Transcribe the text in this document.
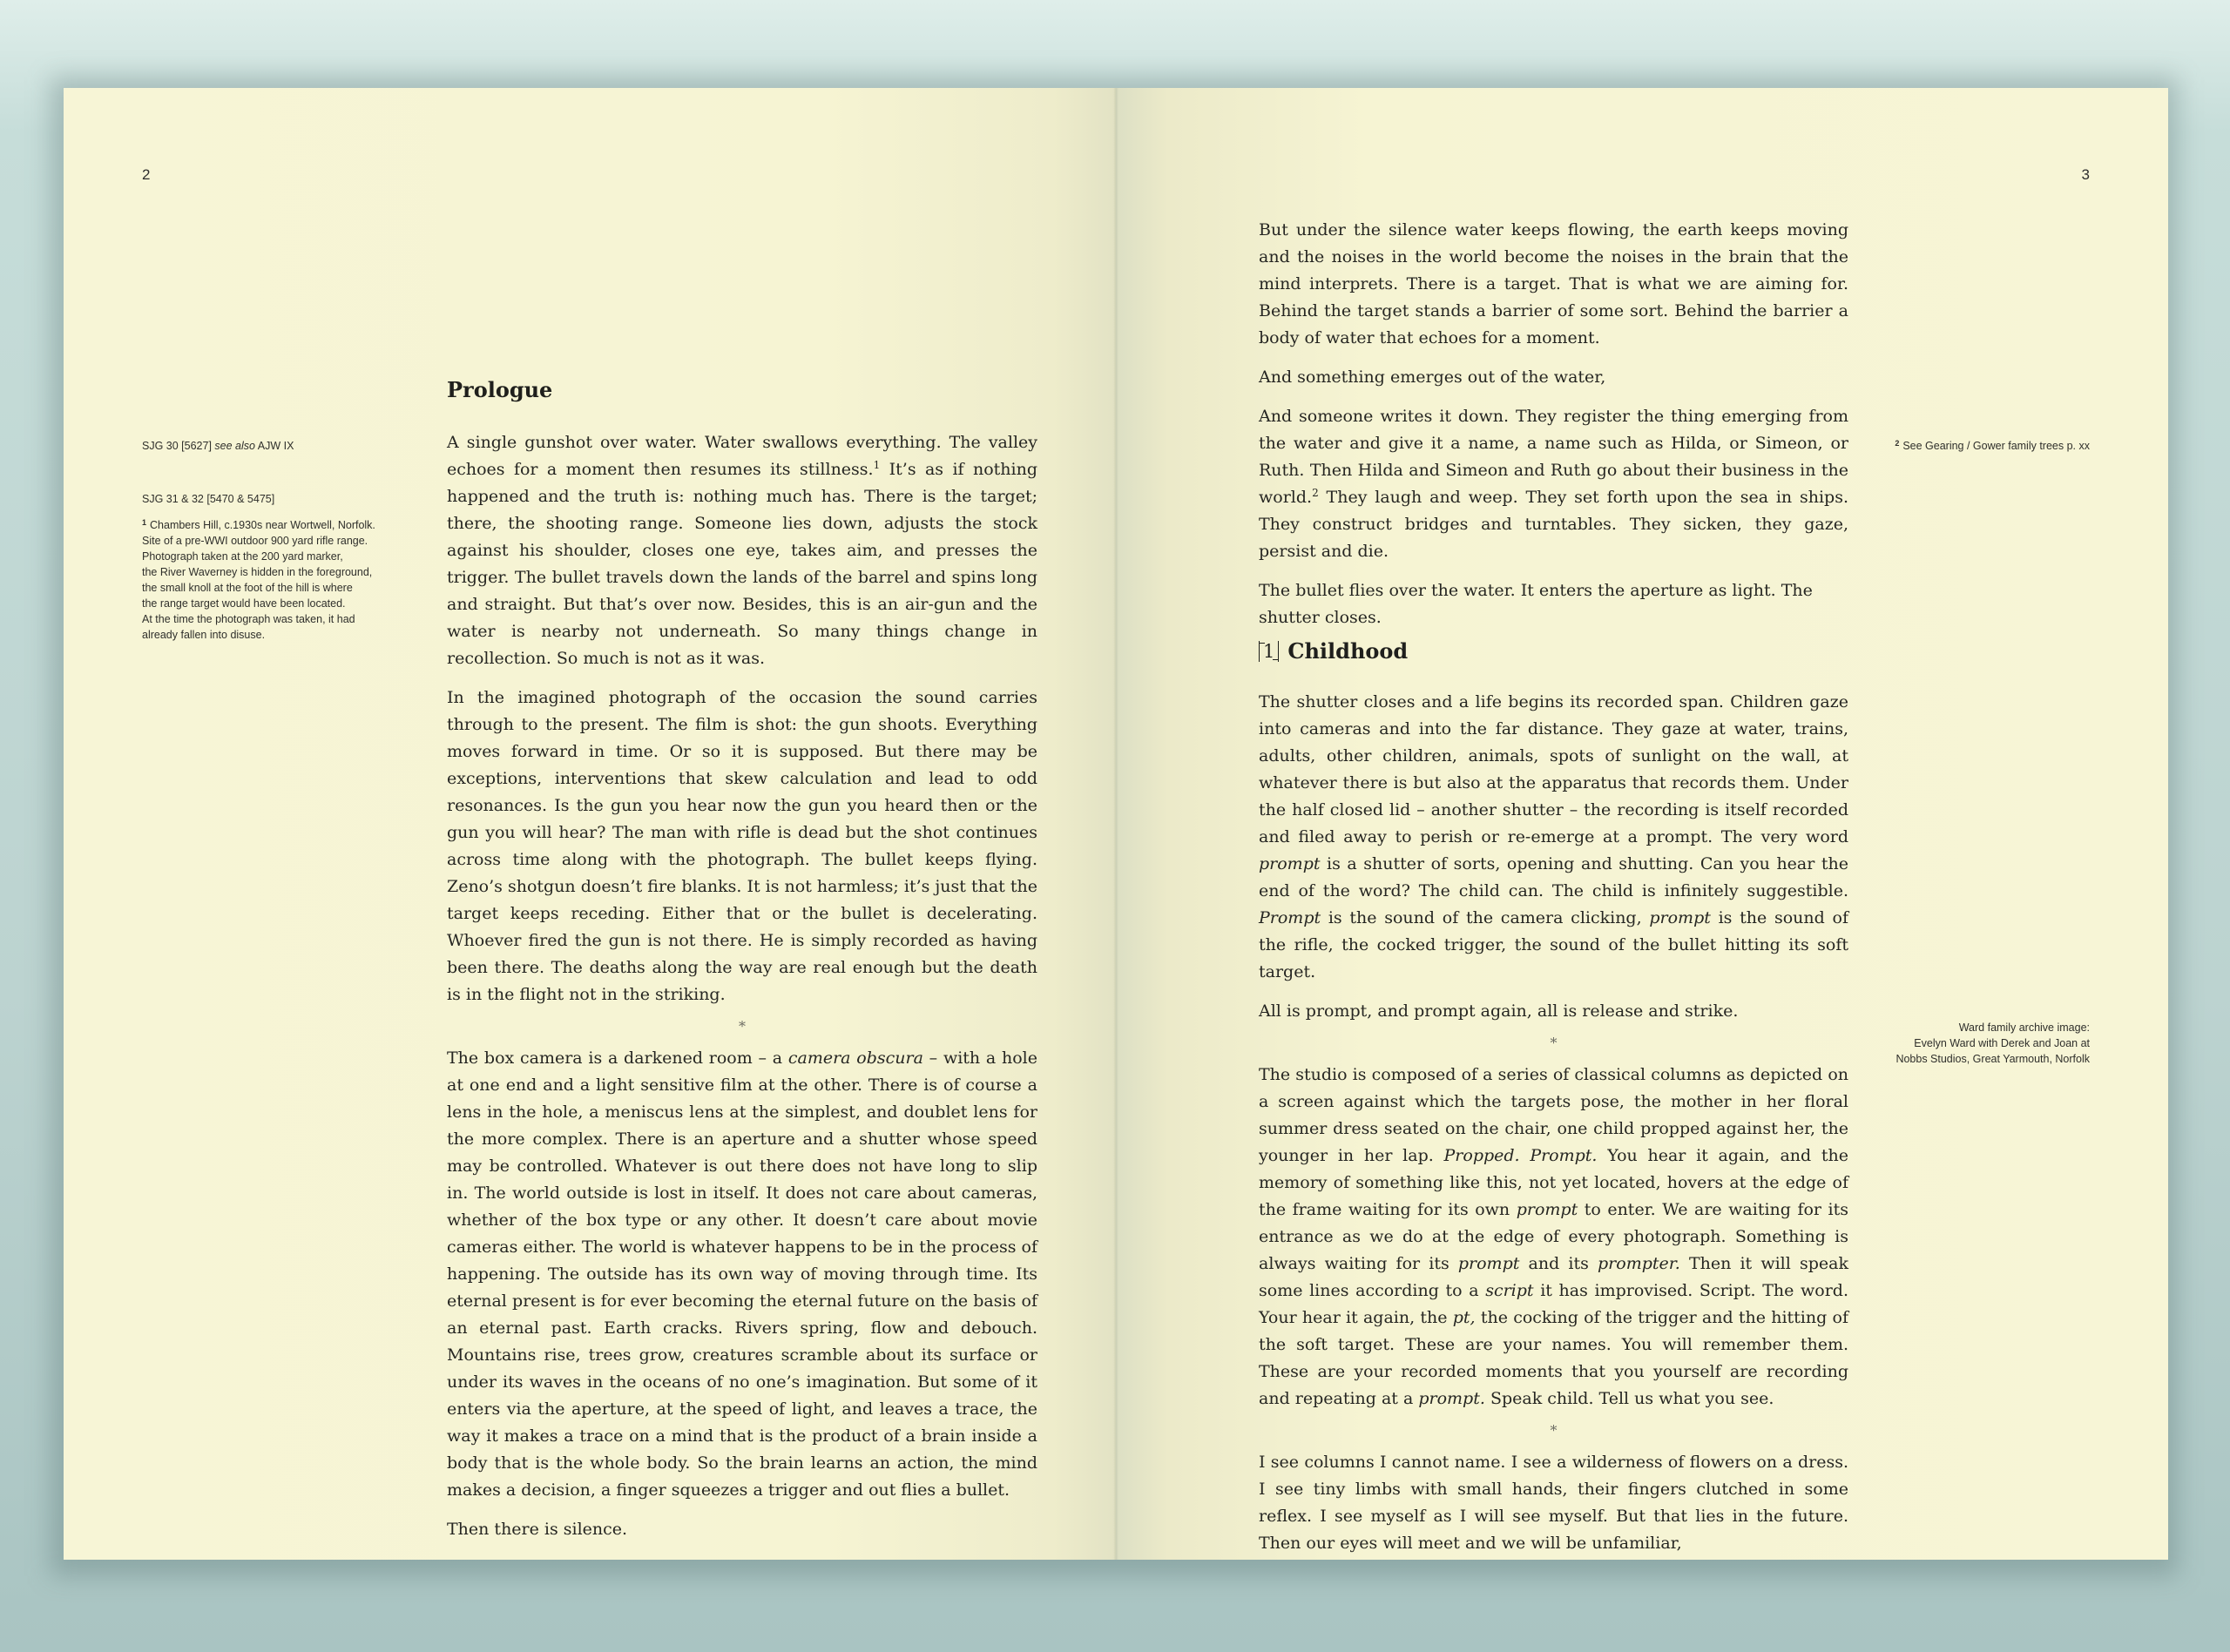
2
SJG 30 [5627] see also AJW IX
SJG 31 & 32 [5470 & 5475]
$^1$ Chambers Hill, c.1930s near Wortwell, Norfolk.
Site of a pre-WWI outdoor 900 yard rifle range.
Photograph taken at the 200 yard marker,
the River Waverney is hidden in the foreground,
the small knoll at the foot of the hill is where
the range target would have been located.
At the time the photograph was taken, it had
already fallen into disuse.
Prologue

A single gunshot over water. Water swallows everything. The valley echoes for a moment then resumes its stillness.$^1$ It’s as if nothing happened and the truth is: nothing much has. There is the target; there, the shooting range. Someone lies down, adjusts the stock against his shoulder, closes one eye, takes aim, and presses the trigger. The bullet travels down the lands of the barrel and spins long and straight. But that’s over now. Besides, this is an air-gun and the water is nearby not underneath. So many things change in recollection. So much is not as it was.

In the imagined photograph of the occasion the sound carries through to the present. The film is shot: the gun shoots. Everything moves forward in time. Or so it is supposed. But there may be exceptions, interventions that skew calculation and lead to odd resonances. Is the gun you hear now the gun you heard then or the gun you will hear? The man with rifle is dead but the shot continues across time along with the photograph. The bullet keeps flying. Zeno’s shotgun doesn’t fire blanks. It is not harmless; it’s just that the target keeps receding. Either that or the bullet is decelerating. Whoever fired the gun is not there. He is simply recorded as having been there. The deaths along the way are real enough but the death is in the flight not in the striking.

*

The box camera is a darkened room – a camera obscura – with a hole at one end and a light sensitive film at the other. There is of course a lens in the hole, a meniscus lens at the simplest, and doublet lens for the more complex. There is an aperture and a shutter whose speed may be controlled. Whatever is out there does not have long to slip in. The world outside is lost in itself. It does not care about cameras, whether of the box type or any other. It doesn’t care about movie cameras either. The world is whatever happens to be in the process of happening. The outside has its own way of moving through time. Its eternal present is for ever becoming the eternal future on the basis of an eternal past. Earth cracks. Rivers spring, flow and debouch. Mountains rise, trees grow, creatures scramble about its surface or under its waves in the oceans of no one’s imagination. But some of it enters via the aperture, at the speed of light, and leaves a trace, the way it makes a trace on a mind that is the product of a brain inside a body that is the whole body. So the brain learns an action, the mind makes a decision, a finger squeezes a trigger and out flies a bullet.

Then there is silence.

3
$^2$ See Gearing / Gower family trees p. xx
Ward family archive image:
Evelyn Ward with Derek and Joan at
Nobbs Studios, Great Yarmouth, Norfolk

But under the silence water keeps flowing, the earth keeps moving and the noises in the world become the noises in the brain that the mind interprets. There is a target. That is what we are aiming for. Behind the target stands a barrier of some sort. Behind the barrier a body of water that echoes for a moment.

And something emerges out of the water,

And someone writes it down. They register the thing emerging from the water and give it a name, a name such as Hilda, or Simeon, or Ruth. Then Hilda and Simeon and Ruth go about their business in the world.$^2$ They laugh and weep. They set forth upon the sea in ships. They construct bridges and turntables. They sicken, they gaze, persist and die.

The bullet flies over the water. It enters the aperture as light. The shutter closes.

1 Childhood

The shutter closes and a life begins its recorded span. Children gaze into cameras and into the far distance. They gaze at water, trains, adults, other children, animals, spots of sunlight on the wall, at whatever there is but also at the apparatus that records them. Under the half closed lid – another shutter – the recording is itself recorded and filed away to perish or re-emerge at a prompt. The very word prompt is a shutter of sorts, opening and shutting. Can you hear the end of the word? The child can. The child is infinitely suggestible. Prompt is the sound of the camera clicking, prompt is the sound of the rifle, the cocked trigger, the sound of the bullet hitting its soft target.

All is prompt, and prompt again, all is release and strike.

*

The studio is composed of a series of classical columns as depicted on a screen against which the targets pose, the mother in her floral summer dress seated on the chair, one child propped against her, the younger in her lap. Propped. Prompt. You hear it again, and the memory of something like this, not yet located, hovers at the edge of the frame waiting for its own prompt to enter. We are waiting for its entrance as we do at the edge of every photograph. Something is always waiting for its prompt and its prompter. Then it will speak some lines according to a script it has improvised. Script. The word. Your hear it again, the pt, the cocking of the trigger and the hitting of the soft target. These are your names. You will remember them. These are your recorded moments that you yourself are recording and repeating at a prompt. Speak child. Tell us what you see.

*

I see columns I cannot name. I see a wilderness of flowers on a dress. I see tiny limbs with small hands, their fingers clutched in some reflex. I see myself as I will see myself. But that lies in the future. Then our eyes will meet and we will be unfamiliar,
